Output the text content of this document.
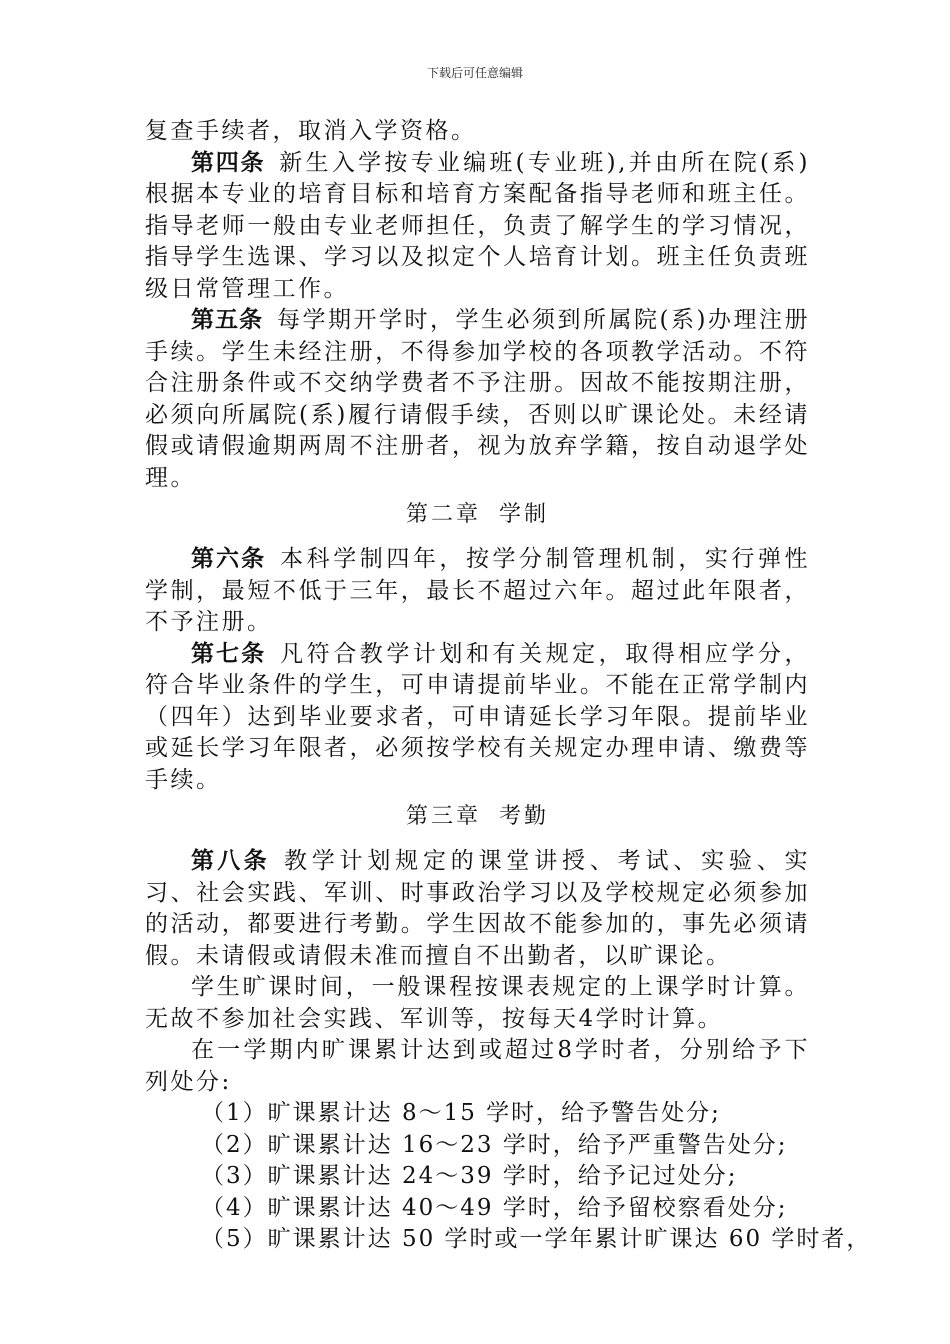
下载后可任意编辑

复查手续者，取消入学资格。

第四条 新生入学按专业编班(专业班),并由所在院(系)根据本专业的培育目标和培育方案配备指导老师和班主任。指导老师一般由专业老师担任，负责了解学生的学习情况，指导学生选课、学习以及拟定个人培育计划。班主任负责班级日常管理工作。

第五条 每学期开学时，学生必须到所属院(系)办理注册手续。学生未经注册，不得参加学校的各项教学活动。不符合注册条件或不交纳学费者不予注册。因故不能按期注册，必须向所属院(系)履行请假手续，否则以旷课论处。未经请假或请假逾期两周不注册者，视为放弃学籍，按自动退学处理。

第二章 学制

第六条 本科学制四年，按学分制管理机制，实行弹性学制，最短不低于三年，最长不超过六年。超过此年限者，不予注册。

第七条 凡符合教学计划和有关规定，取得相应学分，符合毕业条件的学生，可申请提前毕业。不能在正常学制内（四年）达到毕业要求者，可申请延长学习年限。提前毕业或延长学习年限者，必须按学校有关规定办理申请、缴费等手续。

第三章 考勤

第八条 教学计划规定的课堂讲授、考试、实验、实习、社会实践、军训、时事政治学习以及学校规定必须参加的活动，都要进行考勤。学生因故不能参加的，事先必须请假。未请假或请假未准而擅自不出勤者，以旷课论。

学生旷课时间，一般课程按课表规定的上课学时计算。无故不参加社会实践、军训等，按每天4学时计算。

在一学期内旷课累计达到或超过8学时者，分别给予下列处分:

（1）旷课累计达 8～15 学时，给予警告处分;
（2）旷课累计达 16～23 学时，给予严重警告处分;
（3）旷课累计达 24～39 学时，给予记过处分;
（4）旷课累计达 40～49 学时，给予留校察看处分;
（5）旷课累计达 50 学时或一学年累计旷课达 60 学时者，
